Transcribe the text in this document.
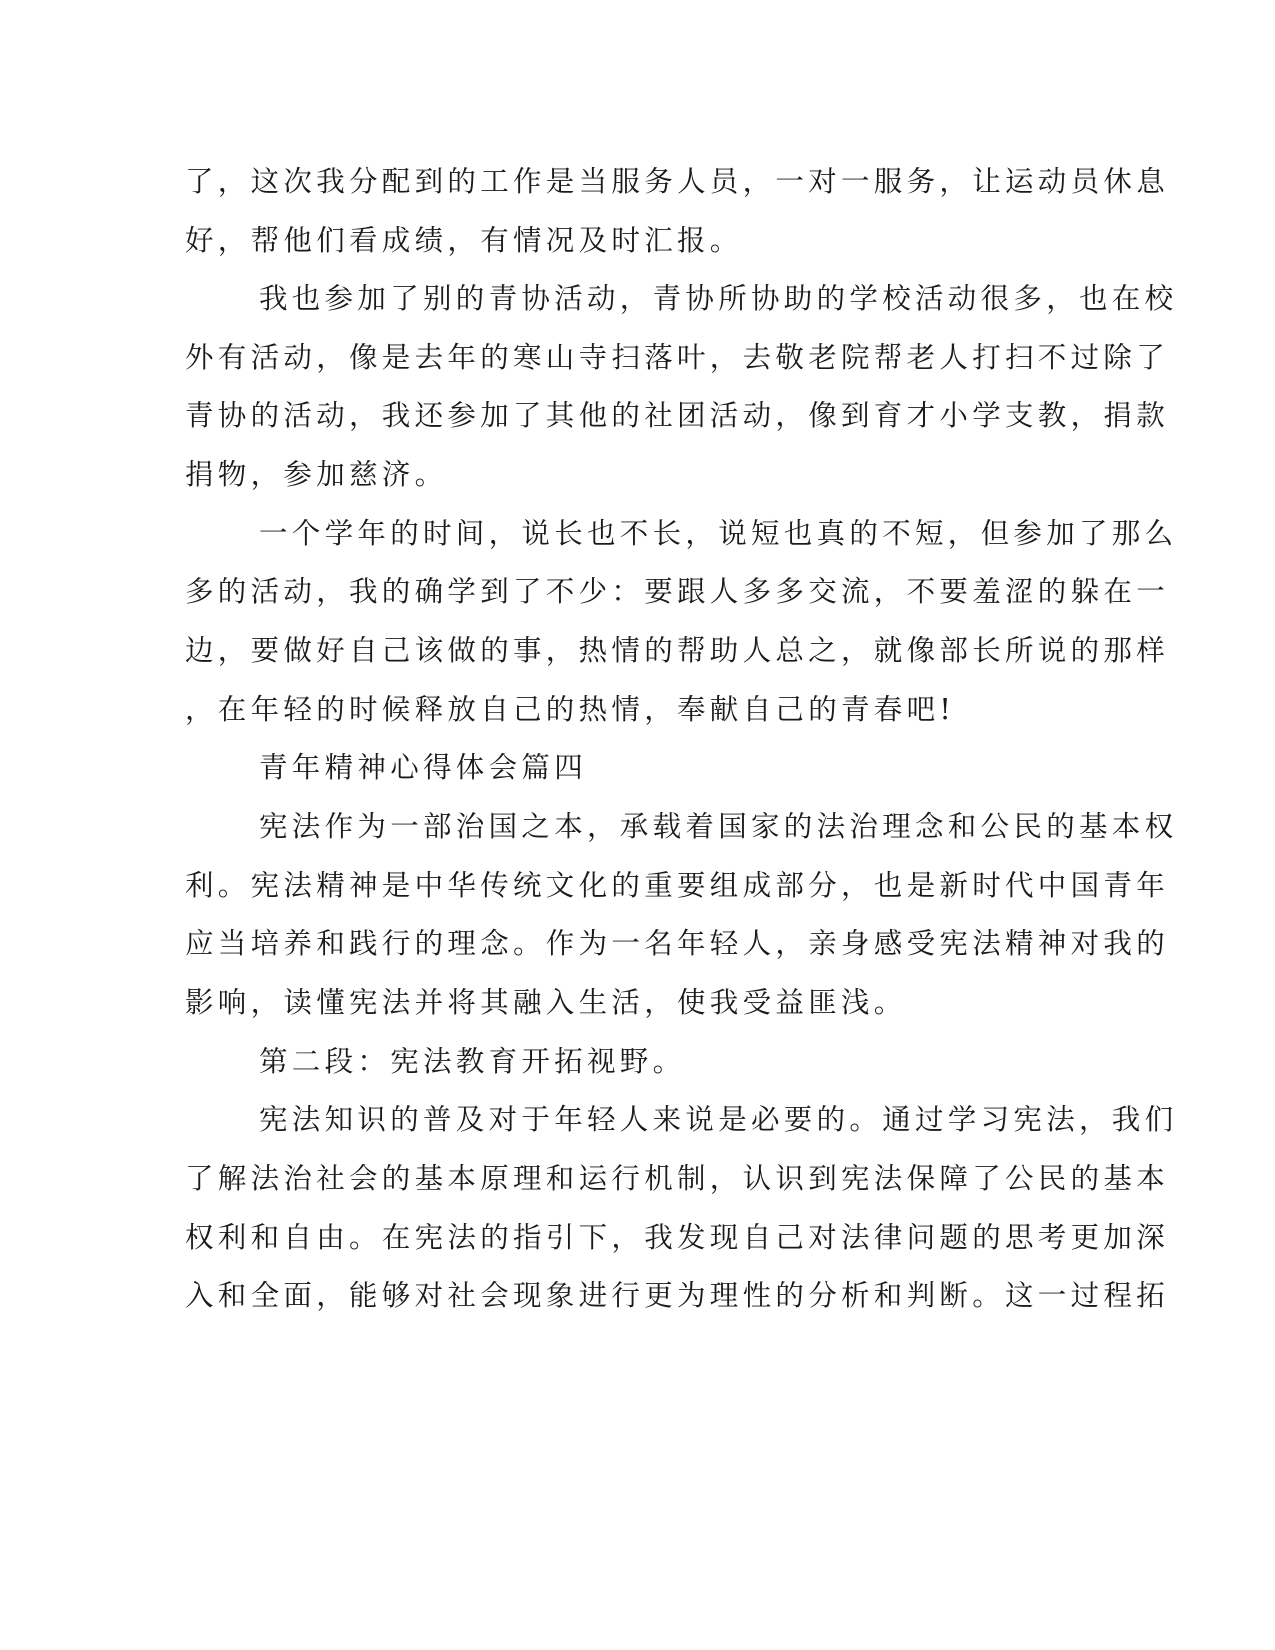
了，这次我分配到的工作是当服务人员，一对一服务，让运动员休息
好，帮他们看成绩，有情况及时汇报。
我也参加了别的青协活动，青协所协助的学校活动很多，也在校
外有活动，像是去年的寒山寺扫落叶，去敬老院帮老人打扫不过除了
青协的活动，我还参加了其他的社团活动，像到育才小学支教，捐款
捐物，参加慈济。
一个学年的时间，说长也不长，说短也真的不短，但参加了那么
多的活动，我的确学到了不少：要跟人多多交流，不要羞涩的躲在一
边，要做好自己该做的事，热情的帮助人总之，就像部长所说的那样
，在年轻的时候释放自己的热情，奉献自己的青春吧!
青年精神心得体会篇四
宪法作为一部治国之本，承载着国家的法治理念和公民的基本权
利。宪法精神是中华传统文化的重要组成部分，也是新时代中国青年
应当培养和践行的理念。作为一名年轻人，亲身感受宪法精神对我的
影响，读懂宪法并将其融入生活，使我受益匪浅。
第二段：宪法教育开拓视野。
宪法知识的普及对于年轻人来说是必要的。通过学习宪法，我们
了解法治社会的基本原理和运行机制，认识到宪法保障了公民的基本
权利和自由。在宪法的指引下，我发现自己对法律问题的思考更加深
入和全面，能够对社会现象进行更为理性的分析和判断。这一过程拓
